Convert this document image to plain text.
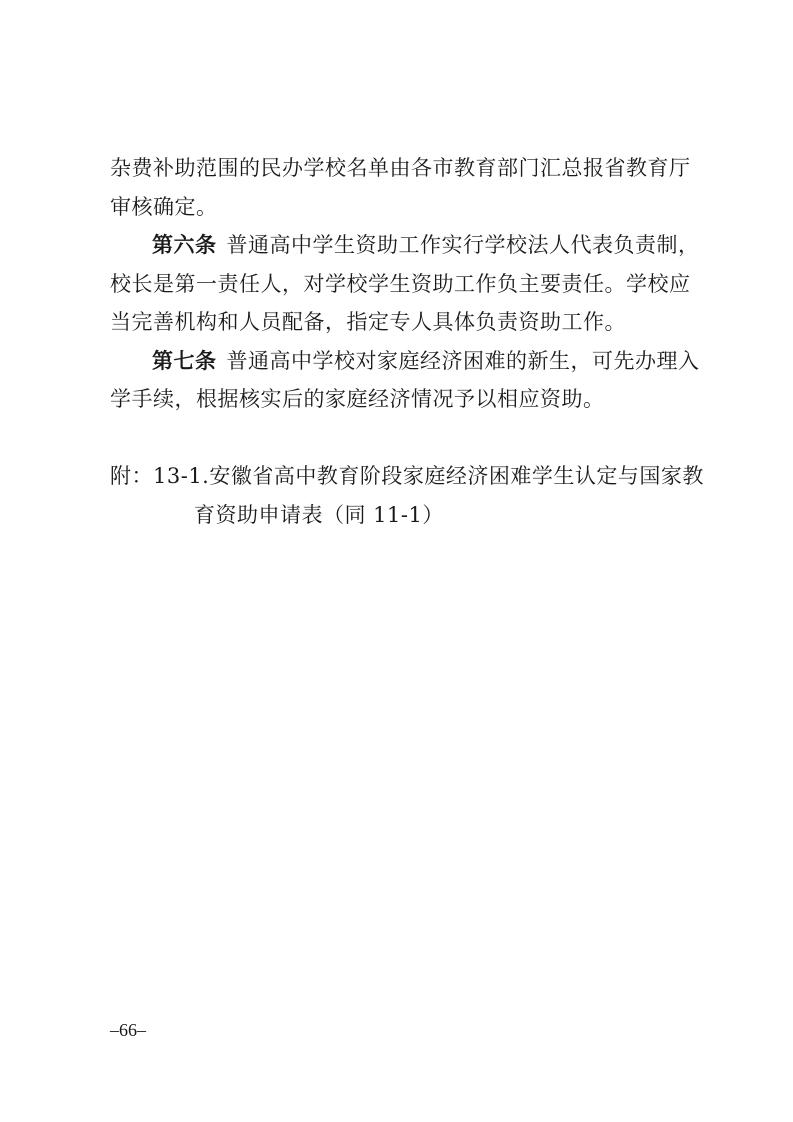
杂费补助范围的民办学校名单由各市教育部门汇总报省教育厅
审核确定。
第六条 普通高中学生资助工作实行学校法人代表负责制，
校长是第一责任人，对学校学生资助工作负主要责任。学校应
当完善机构和人员配备，指定专人具体负责资助工作。
第七条 普通高中学校对家庭经济困难的新生，可先办理入
学手续，根据核实后的家庭经济情况予以相应资助。
附：13-1.安徽省高中教育阶段家庭经济困难学生认定与国家教
育资助申请表（同 11-1）
–66–
